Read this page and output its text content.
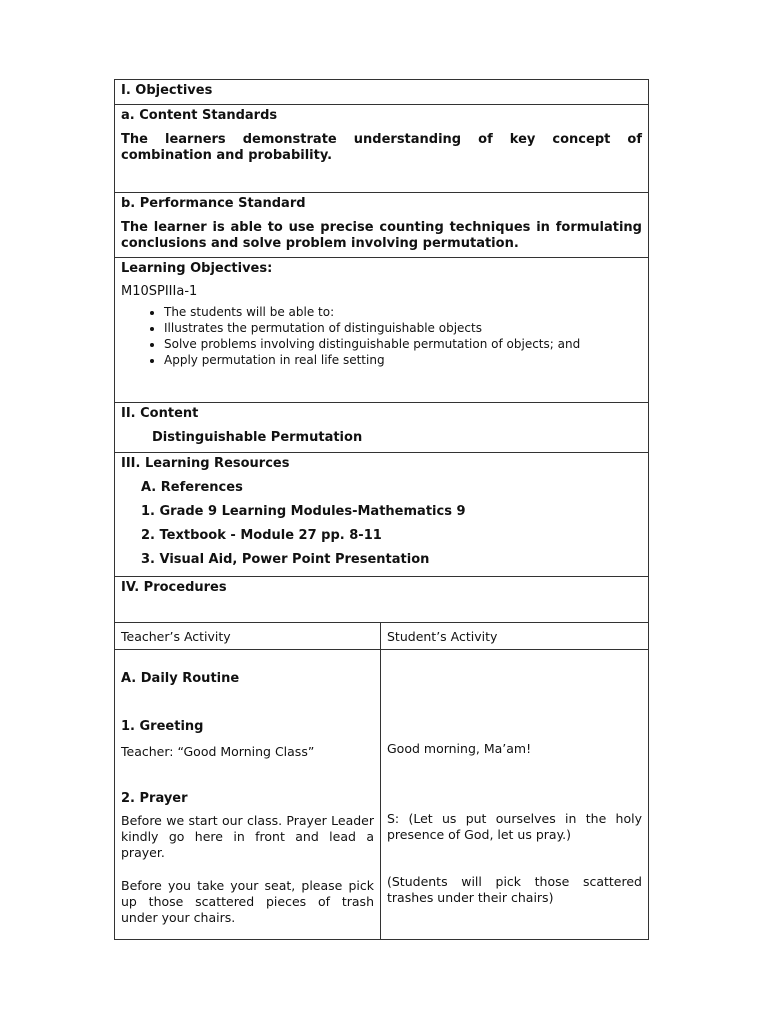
I. Objectives

a. Content Standards

The learners demonstrate understanding of key concept of combination and probability.

b. Performance Standard

The learner is able to use precise counting techniques in formulating conclusions and solve problem involving permutation.

Learning Objectives:

M10SPIIIa-1

• The students will be able to:
• Illustrates the permutation of distinguishable objects
• Solve problems involving distinguishable permutation of objects; and
• Apply permutation in real life setting

II. Content

Distinguishable Permutation

III. Learning Resources

A. References

1. Grade 9 Learning Modules-Mathematics 9

2. Textbook - Module 27 pp. 8-11

3. Visual Aid, Power Point Presentation

IV. Procedures

Teacher’s Activity	Student’s Activity

A. Daily Routine

1. Greeting

Teacher: “Good Morning Class”

2. Prayer

Before we start our class. Prayer Leader kindly go here in front and lead a prayer.

Before you take your seat, please pick up those scattered pieces of trash under your chairs.

Good morning, Ma’am!

S: (Let us put ourselves in the holy presence of God, let us pray.)

(Students will pick those scattered trashes under their chairs)
